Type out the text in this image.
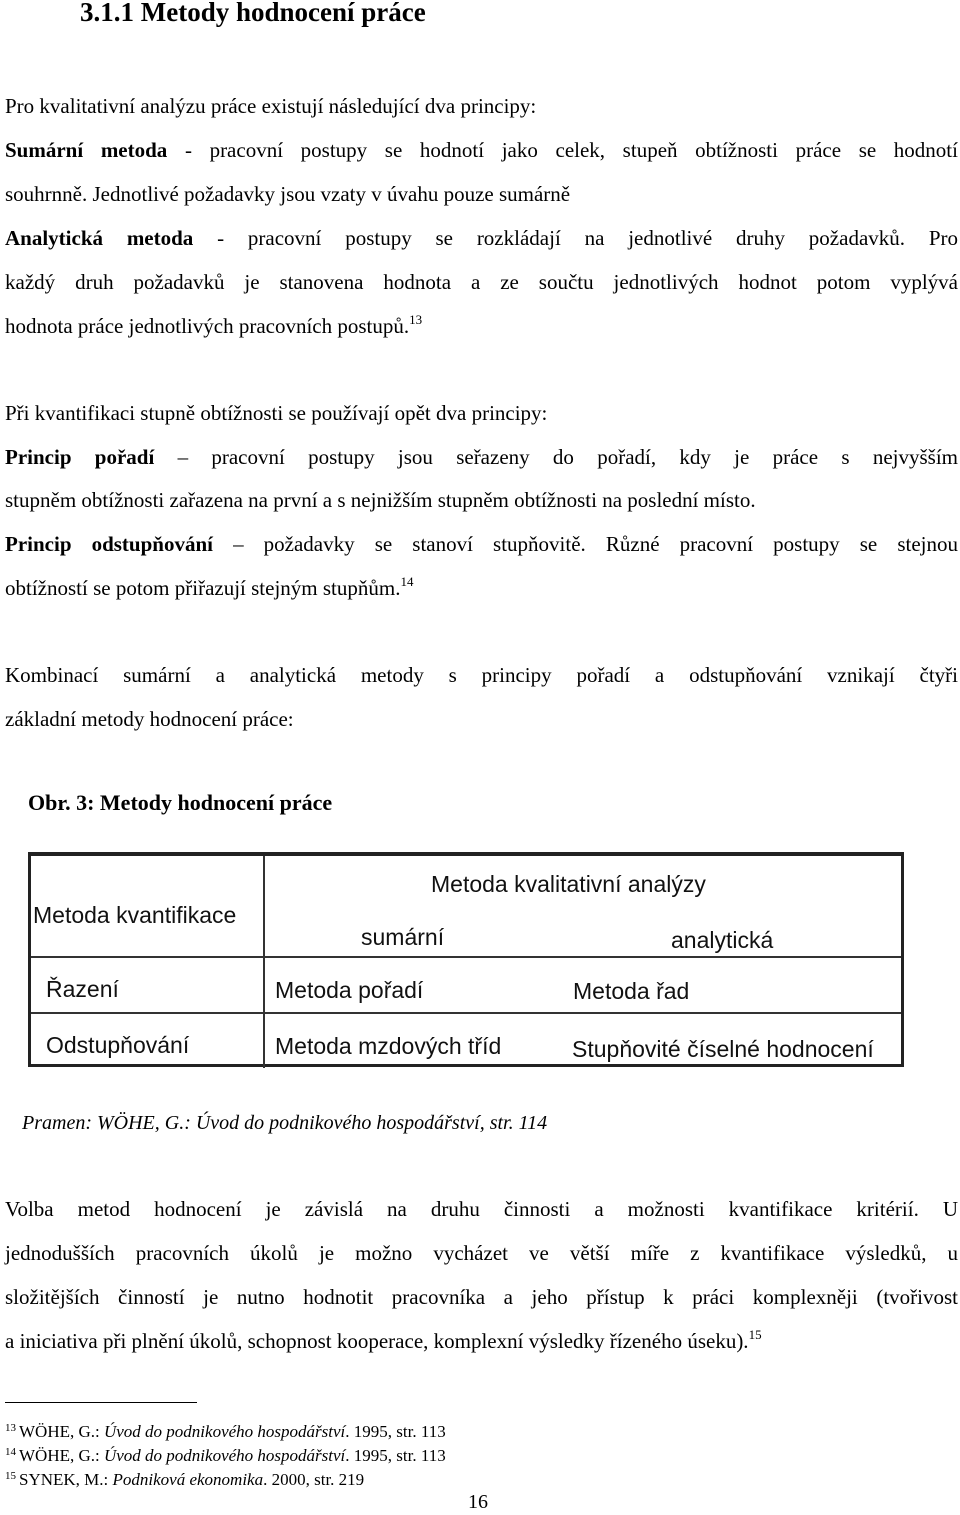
3.1.1 Metody hodnocení práce
Pro kvalitativní analýzu práce existují následující dva principy:
Sumární metoda - pracovní postupy se hodnotí jako celek, stupeň obtížnosti práce se hodnotí
souhrnně. Jednotlivé požadavky jsou vzaty v úvahu pouze sumárně
Analytická metoda - pracovní postupy se rozkládají na jednotlivé druhy požadavků. Pro
každý druh požadavků je stanovena hodnota a ze součtu jednotlivých hodnot potom vyplývá
hodnota práce jednotlivých pracovních postupů.$^{13}$
Při kvantifikaci stupně obtížnosti se používají opět dva principy:
Princip pořadí – pracovní postupy jsou seřazeny do pořadí, kdy je práce s nejvyšším
stupněm obtížnosti zařazena na první a s nejnižším stupněm obtížnosti na poslední místo.
Princip odstupňování – požadavky se stanoví stupňovitě. Různé pracovní postupy se stejnou
obtížností se potom přiřazují stejným stupňům.$^{14}$
Kombinací sumární a analytická metody s principy pořadí a odstupňování vznikají čtyři
základní metody hodnocení práce:
Obr. 3: Metody hodnocení práce
Metoda kvalitativní analýzy
Metoda kvantifikace
sumární	analytická
Řazení	Metoda pořadí	Metoda řad
Odstupňování	Metoda mzdových tříd	Stupňovité číselné hodnocení
Pramen: WÖHE, G.: Úvod do podnikového hospodářství, str. 114
Volba metod hodnocení je závislá na druhu činnosti a možnosti kvantifikace kritérií. U
jednodušších pracovních úkolů je možno vycházet ve větší míře z kvantifikace výsledků, u
složitějších činností je nutno hodnotit pracovníka a jeho přístup k práci komplexněji (tvořivost
a iniciativa při plnění úkolů, schopnost kooperace, komplexní výsledky řízeného úseku).$^{15}$
$^{13}$ WÖHE, G.: Úvod do podnikového hospodářství. 1995, str. 113
$^{14}$ WÖHE, G.: Úvod do podnikového hospodářství. 1995, str. 113
$^{15}$ SYNEK, M.: Podniková ekonomika. 2000, str. 219
16
